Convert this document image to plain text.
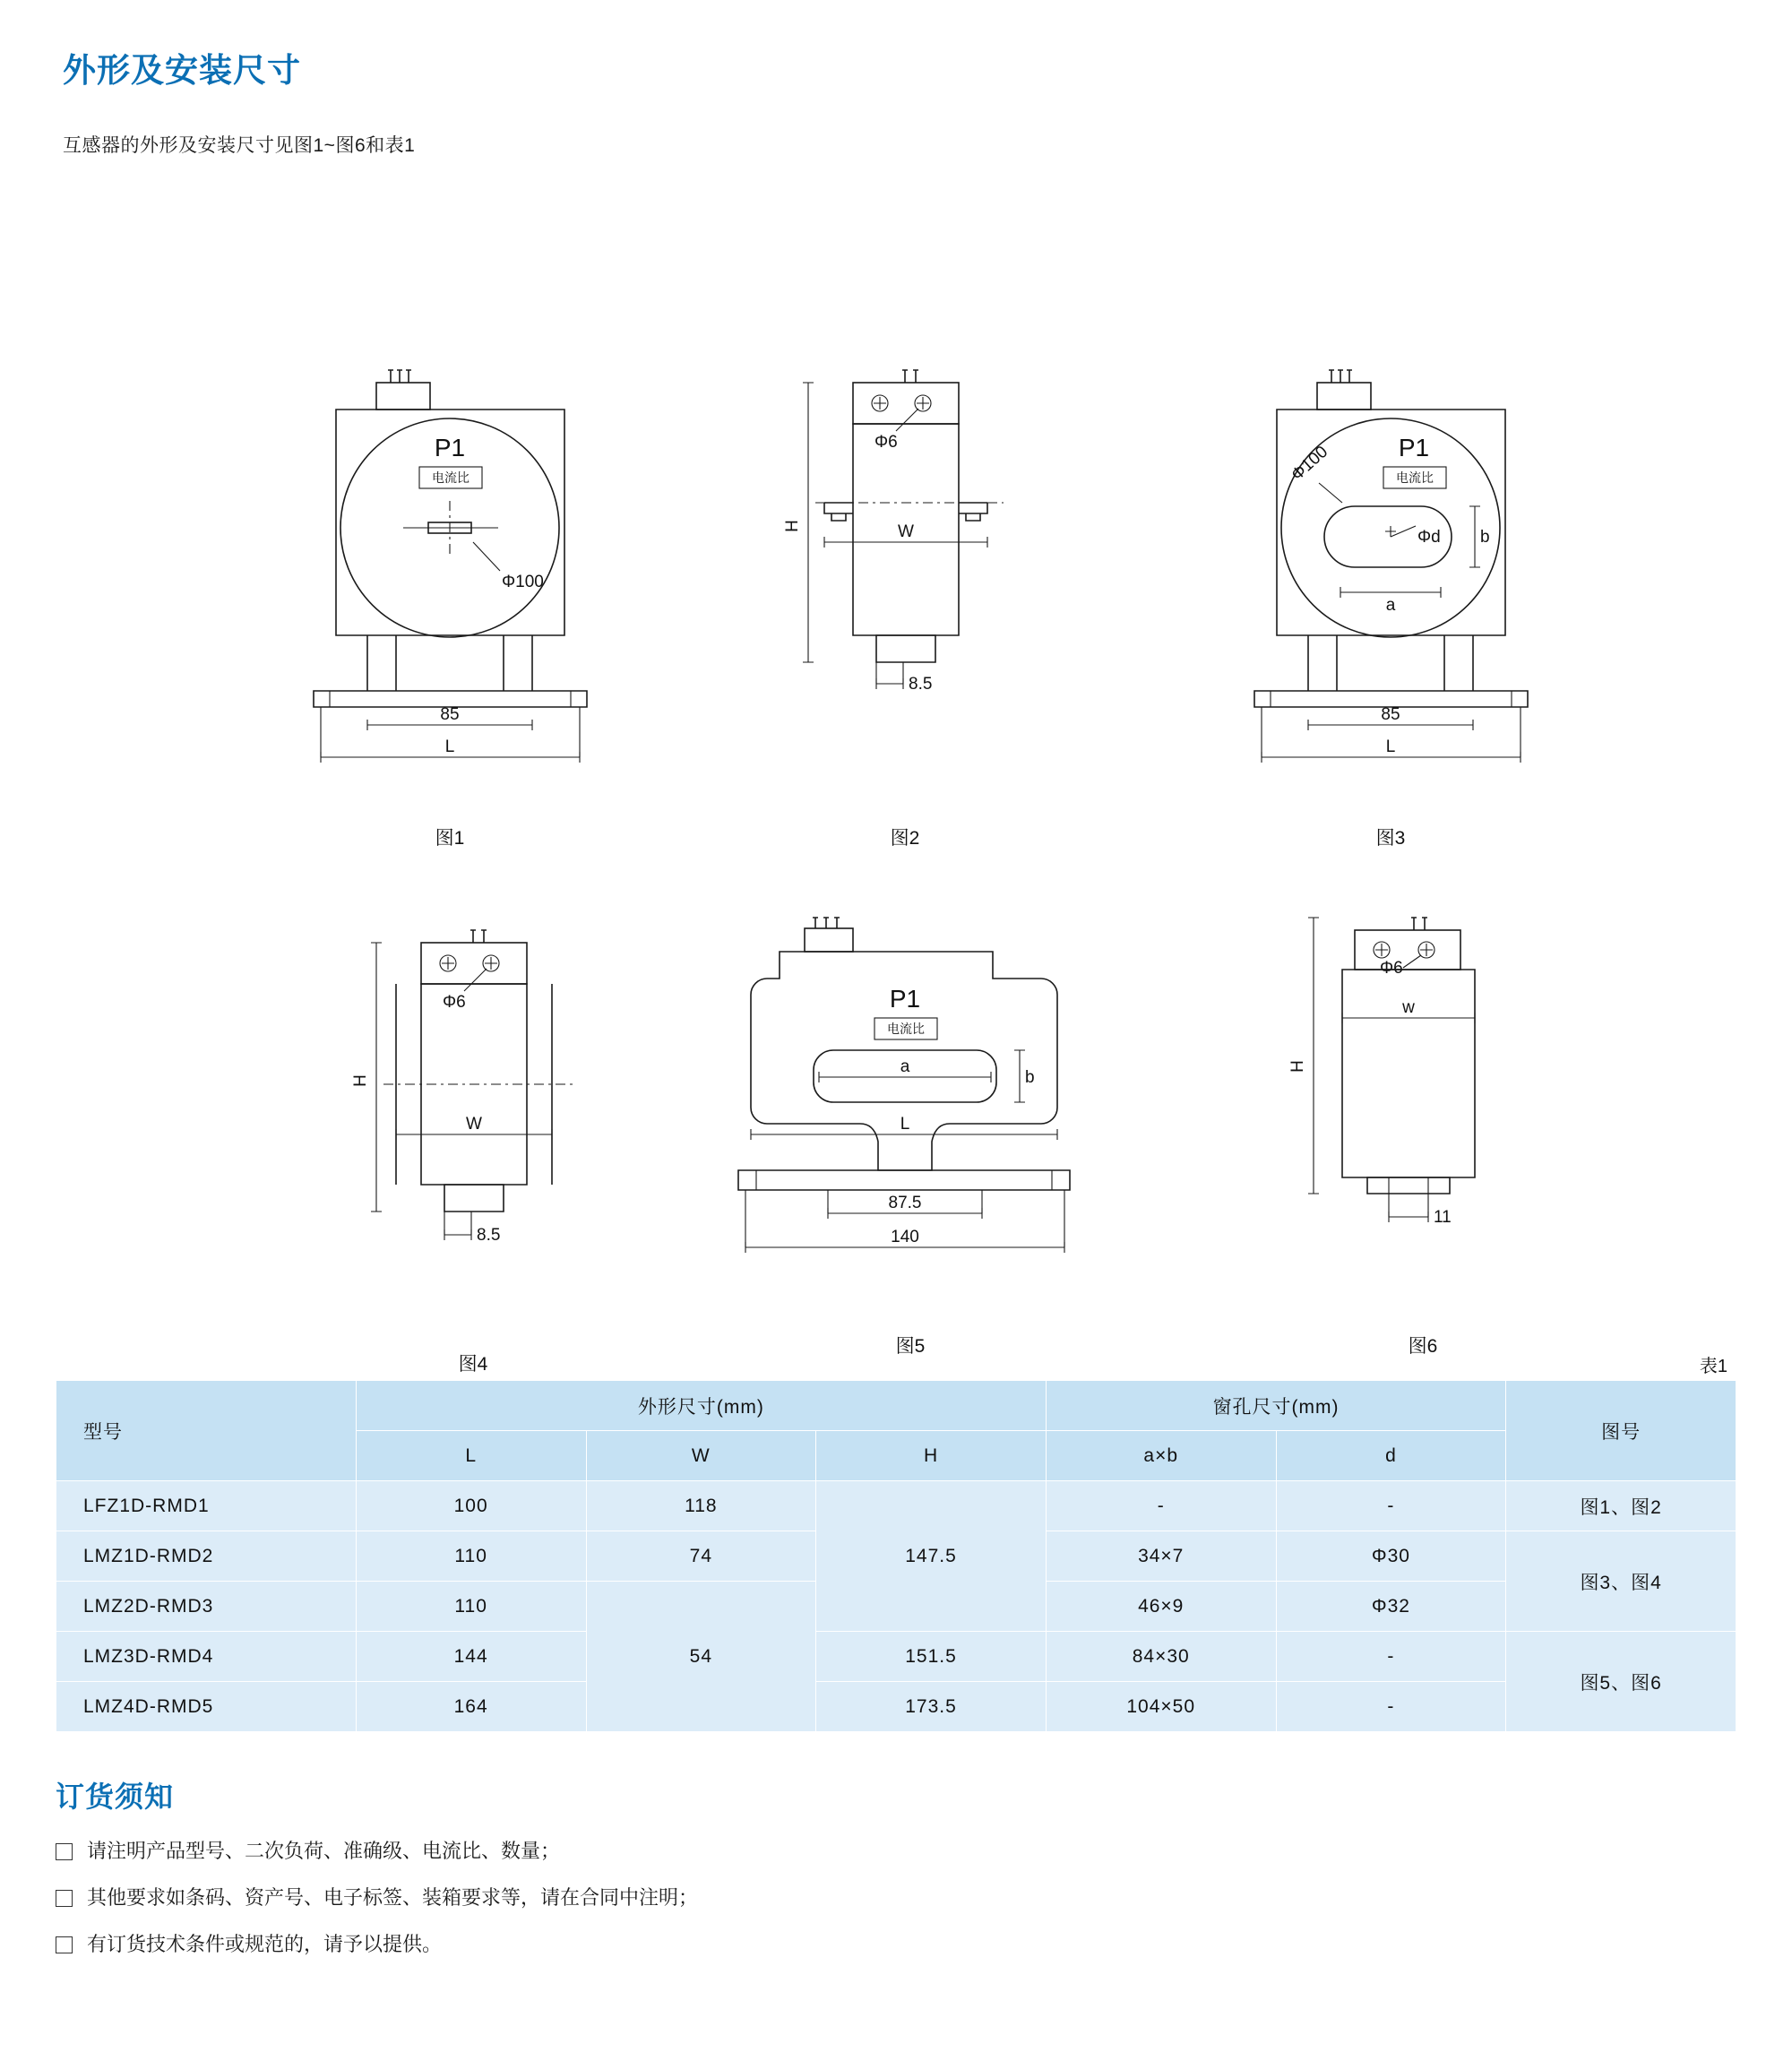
外形及安装尺寸
互感器的外形及安装尺寸见图1~图6和表1
P1
电流比
Φ100
85
L
图1
Φ6
H	W
8.5
图2
P1
电流比
Φ100
Φd
a
b
85
L
图3
Φ6
H
W
8.5
图4
P1
电流比
a
b
L
87.5
140
图5
Φ6
w
H
11
图6
表1
型号	外形尺寸(mm)			窗孔尺寸(mm)		图号
	L	W	H	a×b	d	
LFZ1D-RMD1	100	118	147.5	-	-	图1、图2
LMZ1D-RMD2	110	74		34×7	Φ30	图3、图4
LMZ2D-RMD3	110	54		46×9	Φ32	
LMZ3D-RMD4	144		151.5	84×30	-	图5、图6
LMZ4D-RMD5	164		173.5	104×50	-	
订货须知
请注明产品型号、二次负荷、准确级、电流比、数量；
其他要求如条码、资产号、电子标签、装箱要求等，请在合同中注明；
有订货技术条件或规范的，请予以提供。
